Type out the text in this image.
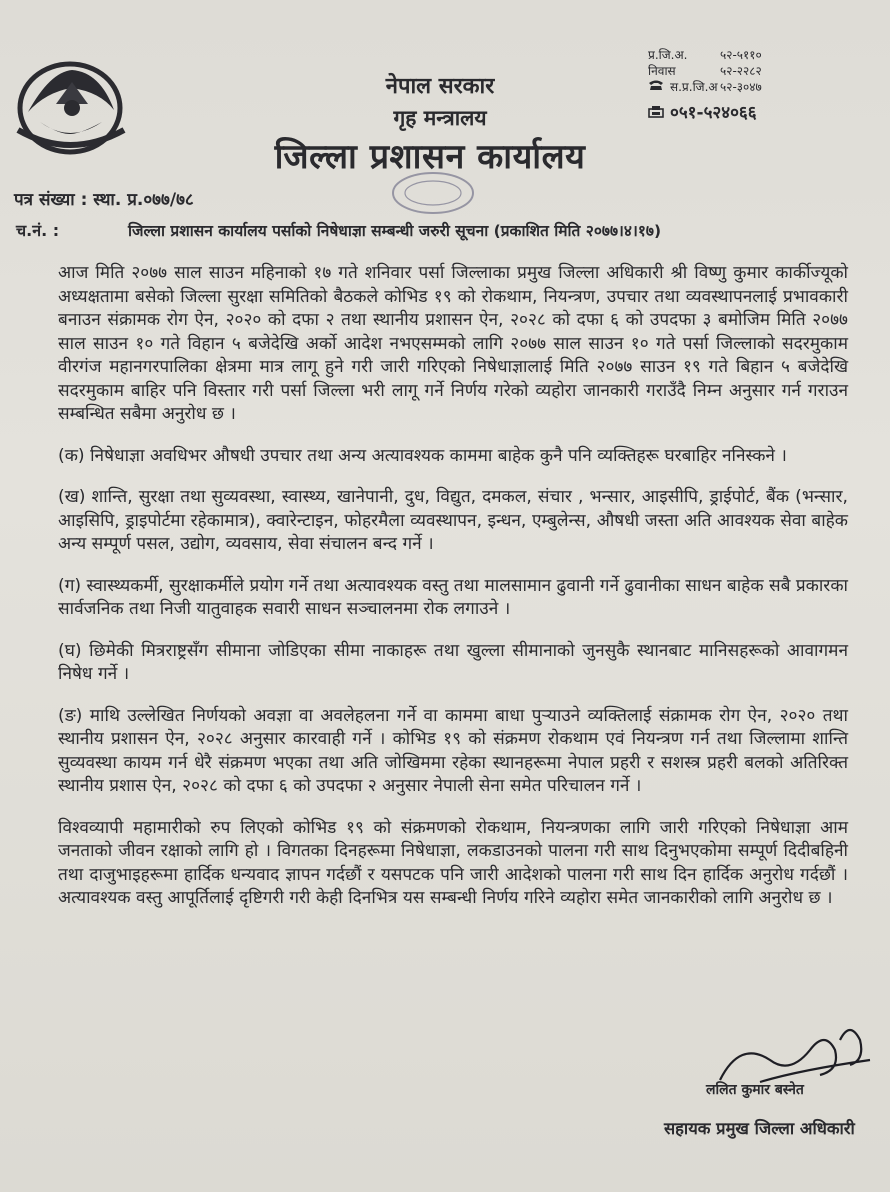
नेपाल सरकार
गृह मन्त्रालय
जिल्ला प्रशासन कार्यालय
प्र.जि.अ.	५२-५११०
निवास	५२-२२८२
स.प्र.जि.अ ५२-३०४७
०५१-५२४०६६
पत्र संख्या : स्था. प्र.०७७/७८
च.नं. :	जिल्ला प्रशासन कार्यालय पर्साको निषेधाज्ञा सम्बन्धी जरुरी सूचना (प्रकाशित मिति २०७७।४।१७)

आज मिति २०७७ साल साउन महिनाको १७ गते शनिवार पर्सा जिल्लाका प्रमुख जिल्ला अधिकारी श्री विष्णु कुमार कार्कीज्यूको अध्यक्षतामा बसेको जिल्ला सुरक्षा समितिको बैठकले कोभिड १९ को रोकथाम, नियन्त्रण, उपचार तथा व्यवस्थापनलाई प्रभावकारी बनाउन संक्रामक रोग ऐन, २०२० को दफा २ तथा स्थानीय प्रशासन ऐन, २०२८ को दफा ६ को उपदफा ३ बमोजिम मिति २०७७ साल साउन १० गते विहान ५ बजेदेखि अर्को आदेश नभएसम्मको लागि २०७७ साल साउन १० गते पर्सा जिल्लाको सदरमुकाम वीरगंज महानगरपालिका क्षेत्रमा मात्र लागू हुने गरी जारी गरिएको निषेधाज्ञालाई मिति २०७७ साउन १९ गते बिहान ५ बजेदेखि सदरमुकाम बाहिर पनि विस्तार गरी पर्सा जिल्ला भरी लागू गर्ने निर्णय गरेको व्यहोरा जानकारी गराउँदै निम्न अनुसार गर्न गराउन सम्बन्धित सबैमा अनुरोध छ ।

(क) निषेधाज्ञा अवधिभर औषधी उपचार तथा अन्य अत्यावश्यक काममा बाहेक कुनै पनि व्यक्तिहरू घरबाहिर ननिस्कने ।

(ख) शान्ति, सुरक्षा तथा सुव्यवस्था, स्वास्थ्य, खानेपानी, दुध, विद्युत, दमकल, संचार , भन्सार, आइसीपि, ड्राईपोर्ट, बैंक (भन्सार, आइसिपि, ड्राइपोर्टमा रहेकामात्र), क्वारेन्टाइन, फोहरमैला व्यवस्थापन, इन्धन, एम्बुलेन्स, औषधी जस्ता अति आवश्यक सेवा बाहेक अन्य सम्पूर्ण पसल, उद्योग, व्यवसाय, सेवा संचालन बन्द गर्ने ।

(ग) स्वास्थ्यकर्मी, सुरक्षाकर्मीले प्रयोग गर्ने तथा अत्यावश्यक वस्तु तथा मालसामान ढुवानी गर्ने ढुवानीका साधन बाहेक सबै प्रकारका सार्वजनिक तथा निजी यातुवाहक सवारी साधन सञ्चालनमा रोक लगाउने ।

(घ) छिमेकी मित्रराष्ट्रसँग सीमाना जोडिएका सीमा नाकाहरू तथा खुल्ला सीमानाको जुनसुकै स्थानबाट मानिसहरूको आवागमन निषेध गर्ने ।

(ङ) माथि उल्लेखित निर्णयको अवज्ञा वा अवलेहलना गर्ने वा काममा बाधा पुर्‍याउने व्यक्तिलाई संक्रामक रोग ऐन, २०२० तथा स्थानीय प्रशासन ऐन, २०२८ अनुसार कारवाही गर्ने । कोभिड १९ को संक्रमण रोकथाम एवं नियन्त्रण गर्न तथा जिल्लामा शान्ति सुव्यवस्था कायम गर्न धेरै संक्रमण भएका तथा अति जोखिममा रहेका स्थानहरूमा नेपाल प्रहरी र सशस्त्र प्रहरी बलको अतिरिक्त स्थानीय प्रशास ऐन, २०२८ को दफा ६ को उपदफा २ अनुसार नेपाली सेना समेत परिचालन गर्ने ।

विश्वव्यापी महामारीको रुप लिएको कोभिड १९ को संक्रमणको रोकथाम, नियन्त्रणका लागि जारी गरिएको निषेधाज्ञा आम जनताको जीवन रक्षाको लागि हो । विगतका दिनहरूमा निषेधाज्ञा, लकडाउनको पालना गरी साथ दिनुभएकोमा सम्पूर्ण दिदीबहिनी तथा दाजुभाइहरूमा हार्दिक धन्यवाद ज्ञापन गर्दछौं र यसपटक पनि जारी आदेशको पालना गरी साथ दिन हार्दिक अनुरोध गर्दछौं । अत्यावश्यक वस्तु आपूर्तिलाई दृष्टिगरी गरी केही दिनभित्र यस सम्बन्धी निर्णय गरिने व्यहोरा समेत जानकारीको लागि अनुरोध छ ।

ललित कुमार बस्नेत
सहायक प्रमुख जिल्ला अधिकारी
